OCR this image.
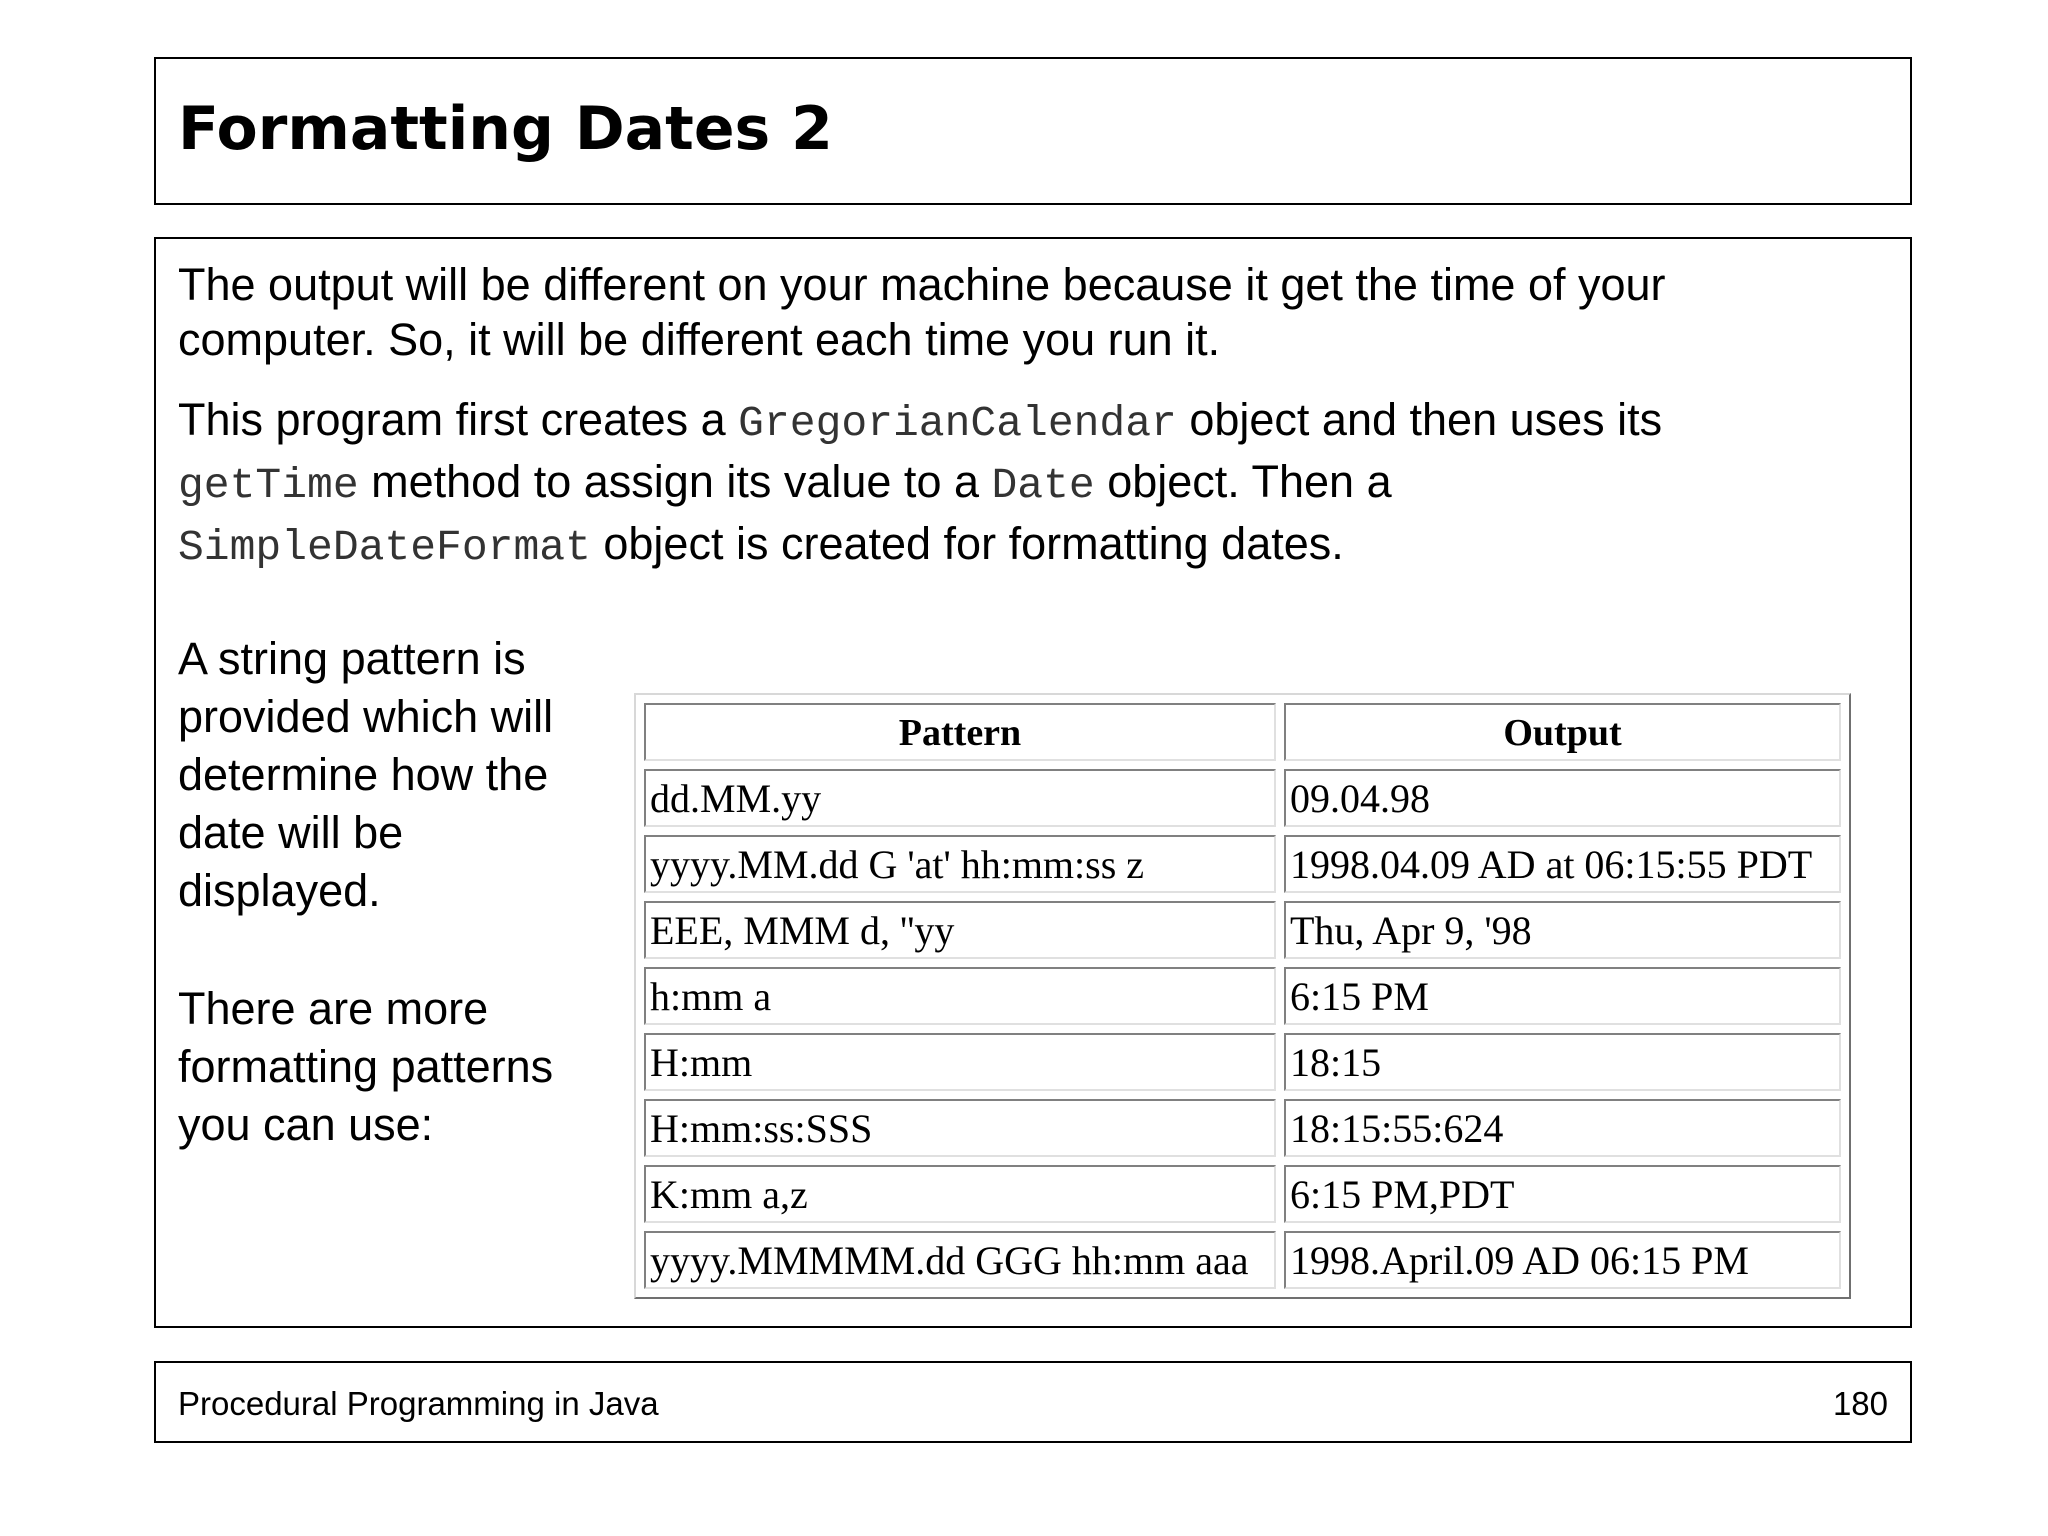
Formatting Dates 2

The output will be different on your machine because it get the time of your
computer. So, it will be different each time you run it.

This program first creates a GregorianCalendar object and then uses its
getTime method to assign its value to a Date object. Then a
SimpleDateFormat object is created for formatting dates.

A string pattern is
provided which will
determine how the
date will be
displayed.

There are more
formatting patterns
you can use:

Pattern	Output
dd.MM.yy	09.04.98
yyyy.MM.dd G 'at' hh:mm:ss z	1998.04.09 AD at 06:15:55 PDT
EEE, MMM d, ''yy	Thu, Apr 9, '98
h:mm a	6:15 PM
H:mm	18:15
H:mm:ss:SSS	18:15:55:624
K:mm a,z	6:15 PM,PDT
yyyy.MMMMM.dd GGG hh:mm aaa	1998.April.09 AD 06:15 PM
Procedural Programming in Java	180
